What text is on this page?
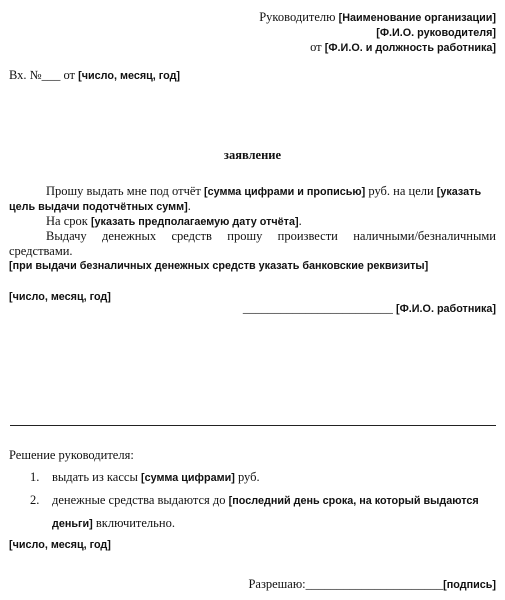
Руководителю [Наименование организации]
[Ф.И.О. руководителя]
от [Ф.И.О. и должность работника]
Вх. №___ от [число, месяц, год]
заявление
Прошу выдать мне под отчёт [сумма цифрами и прописью] руб. на цели [указать
цель выдачи подотчётных сумм].
На срок [указать предполагаемую дату отчёта].
Выдачу денежных средств прошу произвести наличными/безналичными
средствами.
[при выдачи безналичных денежных средств указать банковские реквизиты]
[число, месяц, год]
________________________ [Ф.И.О. работника]
Решение руководителя:
1. выдать из кассы [сумма цифрами] руб.
2. денежные средства выдаются до [последний день срока, на который выдаются
деньги] включительно.
[число, месяц, год]
Разрешаю:______________________[подпись]
